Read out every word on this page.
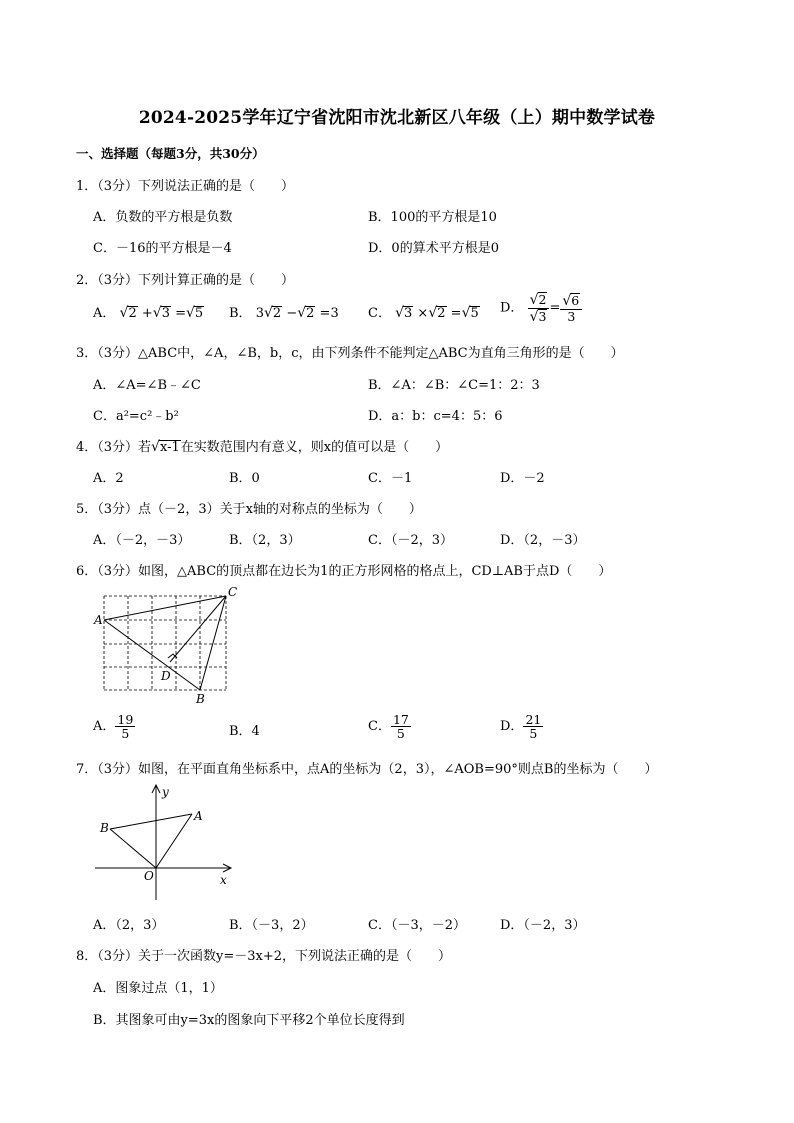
2024-2025学年辽宁省沈阳市沈北新区八年级（上）期中数学试卷
一、选择题（每题3分，共30分）
1．（3分）下列说法正确的是（　　）
A．负数的平方根是负数	B．100的平方根是10
C．－16的平方根是－4	D．0的算术平方根是0
2．（3分）下列计算正确的是（　　）
A． √2 +√3 =√5 B． 3√2 −√2 =3 C． √3 ×√2 =√5 D． $\frac{√2}{√3} = \frac{√6}{3}$
3．（3分）△ABC中，∠A，∠B，b，c，由下列条件不能判定△ABC为直角三角形的是（　　）
A．∠A=∠B﹣∠C	B．∠A：∠B：∠C=1：2：3
C．a²=c²﹣b²	D．a：b：c=4：5：6
4．（3分）若√x-1在实数范围内有意义，则x的值可以是（　　）
A．2	B．0	C．－1	D．－2
5．（3分）点（－2，3）关于x轴的对称点的坐标为（　　）
A．（－2，－3）	B．（2，3）	C．（－2，3）	D．（2，－3）
6．（3分）如图，△ABC的顶点都在边长为1的正方形网格的格点上，CD⊥AB于点D（　　）
A
C
B
D
A． $\frac{19}{5}$	B．4	C． $\frac{17}{5}$	D． $\frac{21}{5}$
7．（3分）如图，在平面直角坐标系中，点A的坐标为（2，3），∠AOB=90°则点B的坐标为（　　）
A
B
O	x
y
A．（2，3）	B．（－3，2）	C．（－3，－2）	D．（－2，3）
8．（3分）关于一次函数y=－3x+2，下列说法正确的是（　　）
A．图象过点（1，1）
B．其图象可由y=3x的图象向下平移2个单位长度得到
